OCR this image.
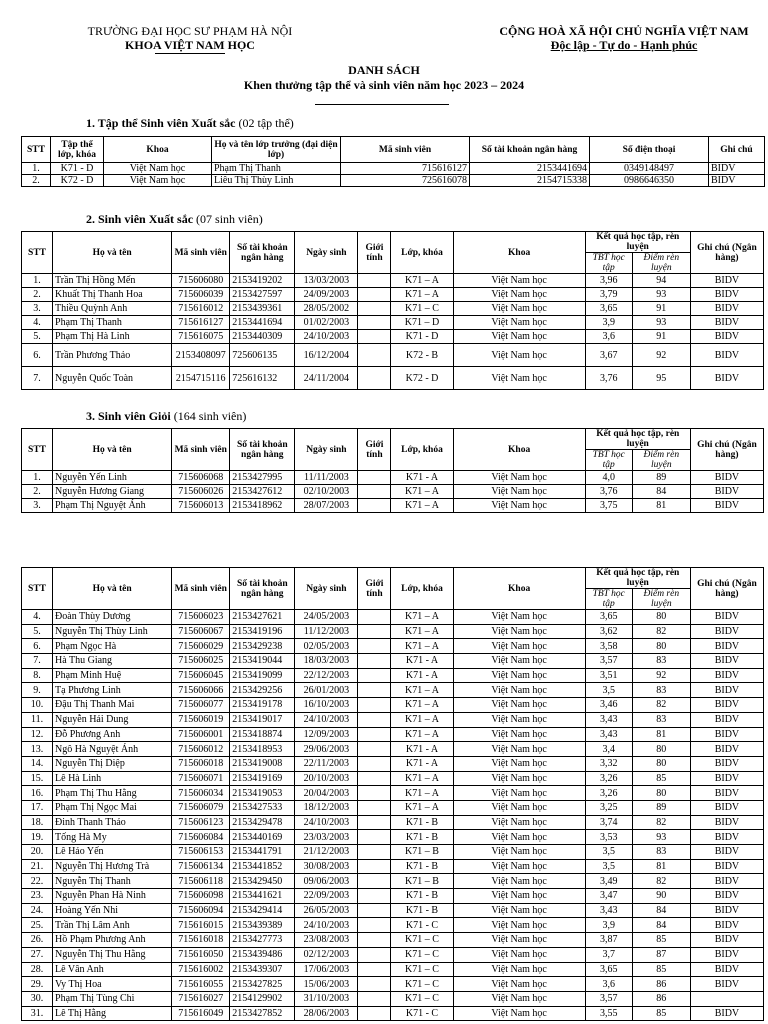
TRƯỜNG ĐẠI HỌC SƯ PHẠM HÀ NỘI
KHOA VIỆT NAM HỌC
CỘNG HOÀ XÃ HỘI CHỦ NGHĨA VIỆT NAM
Độc lập - Tự do - Hạnh phúc
DANH SÁCH
Khen thưởng tập thể và sinh viên năm học 2023 – 2024
1. Tập thể Sinh viên Xuất sắc (02 tập thể)
STT	Tập thể lớp, khóa	Khoa	Họ và tên lớp trưởng (đại diện lớp)	Mã sinh viên	Số tài khoản ngân hàng	Số điện thoại	Ghi chú
1.	K71 - D	Việt Nam học	Phạm Thị Thanh	715616127	2153441694	0349148497	BIDV
2.	K72 - D	Việt Nam học	Liêu Thị Thùy Linh	725616078	2154715338	0986646350	BIDV
2. Sinh viên Xuất sắc (07 sinh viên)
3. Sinh viên Giỏi (164 sinh viên)
STT	Họ và tên	Mã sinh viên	Số tài khoản ngân hàng	Ngày sinh	Giới tính	Lớp, khóa	Khoa	Kết quả học tập, rèn luyện		Ghi chú (Ngân hàng)
								TBT học tập	Điểm rèn luyện	
1.	Trần Thị Hồng Mến	715606080	2153419202	13/03/2003		K71 – A	Việt Nam học	3,96	94	BIDV
2.	Khuất Thị Thanh Hoa	715606039	2153427597	24/09/2003		K71 – A	Việt Nam học	3,79	93	BIDV
3.	Thiều Quỳnh Anh	715616012	2153439361	28/05/2002		K71 – C	Việt Nam học	3,65	91	BIDV
4.	Phạm Thị Thanh	715616127	2153441694	01/02/2003		K71 – D	Việt Nam học	3,9	93	BIDV
5.	Phạm Thị Hà Linh	715616075	2153440309	24/10/2003		K71 - D	Việt Nam học	3,6	91	BIDV
6.	Trần Phương Thảo	2153408097	725606135	16/12/2004		K72 - B	Việt Nam học	3,67	92	BIDV
7.	Nguyễn Quốc Toàn	2154715116	725616132	24/11/2004		K72 - D	Việt Nam học	3,76	95	BIDV
STT	Họ và tên	Mã sinh viên	Số tài khoản ngân hàng	Ngày sinh	Giới tính	Lớp, khóa	Khoa	Kết quả học tập, rèn luyện		Ghi chú (Ngân hàng)
								TBT học tập	Điểm rèn luyện	
1.	Nguyễn Yến Linh	715606068	2153427995	11/11/2003		K71 - A	Việt Nam học	4,0	89	BIDV
2.	Nguyễn Hương Giang	715606026	2153427612	02/10/2003		K71 – A	Việt Nam học	3,76	84	BIDV
3.	Phạm Thị Nguyệt Ánh	715606013	2153418962	28/07/2003		K71 – A	Việt Nam học	3,75	81	BIDV
STT	Họ và tên	Mã sinh viên	Số tài khoản ngân hàng	Ngày sinh	Giới tính	Lớp, khóa	Khoa	Kết quả học tập, rèn luyện		Ghi chú (Ngân hàng)
								TBT học tập	Điểm rèn luyện	
4.	Đoàn Thùy Dương	715606023	2153427621	24/05/2003		K71 – A	Việt Nam học	3,65	80	BIDV
5.	Nguyễn Thị Thùy Linh	715606067	2153419196	11/12/2003		K71 – A	Việt Nam học	3,62	82	BIDV
6.	Phạm Ngọc Hà	715606029	2153429238	02/05/2003		K71 – A	Việt Nam học	3,58	80	BIDV
7.	Hà Thu Giang	715606025	2153419044	18/03/2003		K71 - A	Việt Nam học	3,57	83	BIDV
8.	Phạm Minh Huệ	715606045	2153419099	22/12/2003		K71 - A	Việt Nam học	3,51	92	BIDV
9.	Tạ Phương Linh	715606066	2153429256	26/01/2003		K71 – A	Việt Nam học	3,5	83	BIDV
10.	Đậu Thị Thanh Mai	715606077	2153419178	16/10/2003		K71 – A	Việt Nam học	3,46	82	BIDV
11.	Nguyễn Hải Dung	715606019	2153419017	24/10/2003		K71 – A	Việt Nam học	3,43	83	BIDV
12.	Đỗ Phương Anh	715606001	2153418874	12/09/2003		K71 – A	Việt Nam học	3,43	81	BIDV
13.	Ngô Hà Nguyệt Ánh	715606012	2153418953	29/06/2003		K71 - A	Việt Nam học	3,4	80	BIDV
14.	Nguyễn Thị Diệp	715606018	2153419008	22/11/2003		K71 - A	Việt Nam học	3,32	80	BIDV
15.	Lê Hà Linh	715606071	2153419169	20/10/2003		K71 – A	Việt Nam học	3,26	85	BIDV
16.	Phạm Thị Thu Hằng	715606034	2153419053	20/04/2003		K71 – A	Việt Nam học	3,26	80	BIDV
17.	Phạm Thị Ngọc Mai	715606079	2153427533	18/12/2003		K71 – A	Việt Nam học	3,25	89	BIDV
18.	Đinh Thanh Thảo	715606123	2153429478	24/10/2003		K71 - B	Việt Nam học	3,74	82	BIDV
19.	Tống Hà My	715606084	2153440169	23/03/2003		K71 - B	Việt Nam học	3,53	93	BIDV
20.	Lê Hảo Yến	715606153	2153441791	21/12/2003		K71 – B	Việt Nam học	3,5	83	BIDV
21.	Nguyễn Thị Hương Trà	715606134	2153441852	30/08/2003		K71 - B	Việt Nam học	3,5	81	BIDV
22.	Nguyễn Thị Thanh	715606118	2153429450	09/06/2003		K71 – B	Việt Nam học	3,49	82	BIDV
23.	Nguyễn Phan Hà Ninh	715606098	2153441621	22/09/2003		K71 - B	Việt Nam học	3,47	90	BIDV
24.	Hoàng Yến Nhi	715606094	2153429414	26/05/2003		K71 - B	Việt Nam học	3,43	84	BIDV
25.	Trần Thị Lâm Anh	715616015	2153439389	24/10/2003		K71 - C	Việt Nam học	3,9	84	BIDV
26.	Hồ Phạm Phương Anh	715616018	2153427773	23/08/2003		K71 – C	Việt Nam học	3,87	85	BIDV
27.	Nguyễn Thị Thu Hằng	715616050	2153439486	02/12/2003		K71 – C	Việt Nam học	3,7	87	BIDV
28.	Lê Vân Anh	715616002	2153439307	17/06/2003		K71 – C	Việt Nam học	3,65	85	BIDV
29.	Vy Thị Hoa	715616055	2153427825	15/06/2003		K71 – C	Việt Nam học	3,6	86	BIDV
30.	Phạm Thị Tùng Chi	715616027	2154129902	31/10/2003		K71 – C	Việt Nam học	3,57	86	
31.	Lê Thị Hằng	715616049	2153427852	28/06/2003		K71 - C	Việt Nam học	3,55	85	BIDV
